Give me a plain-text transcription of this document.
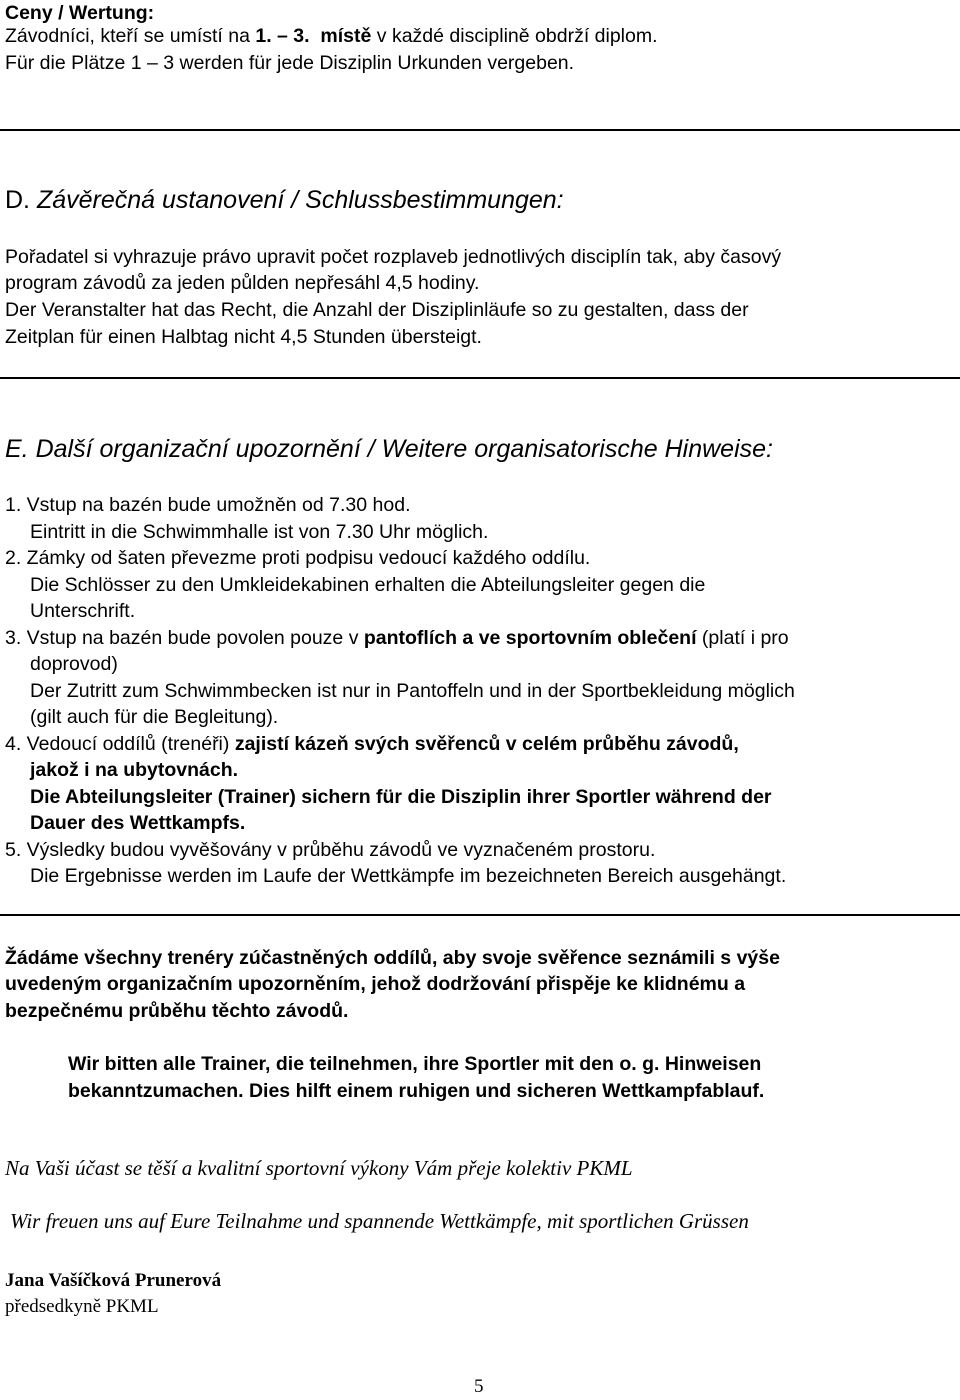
Ceny / Wertung:
Závodníci, kteří se umístí na 1. – 3. místě v každé disciplině obdrží diplom.
Für die Plätze 1 – 3 werden für jede Disziplin Urkunden vergeben.
D. Závěrečná ustanovení / Schlussbestimmungen:
Pořadatel si vyhrazuje právo upravit počet rozplaveb jednotlivých disciplín tak, aby časový
program závodů za jeden půlden nepřesáhl 4,5 hodiny.
Der Veranstalter hat das Recht, die Anzahl der Disziplinläufe so zu gestalten, dass der
Zeitplan für einen Halbtag nicht 4,5 Stunden übersteigt.
E. Další organizační upozornění / Weitere organisatorische Hinweise:
1. Vstup na bazén bude umožněn od 7.30 hod.
Eintritt in die Schwimmhalle ist von 7.30 Uhr möglich.
2. Zámky od šaten převezme proti podpisu vedoucí každého oddílu.
Die Schlösser zu den Umkleidekabinen erhalten die Abteilungsleiter gegen die
Unterschrift.
3. Vstup na bazén bude povolen pouze v pantoflích a ve sportovním oblečení (platí i pro
doprovod)
Der Zutritt zum Schwimmbecken ist nur in Pantoffeln und in der Sportbekleidung möglich
(gilt auch für die Begleitung).
4. Vedoucí oddílů (trenéři) zajistí kázeň svých svěřenců v celém průběhu závodů,
jakož i na ubytovnách.
Die Abteilungsleiter (Trainer) sichern für die Disziplin ihrer Sportler während der
Dauer des Wettkampfs.
5. Výsledky budou vyvěšovány v průběhu závodů ve vyznačeném prostoru.
Die Ergebnisse werden im Laufe der Wettkämpfe im bezeichneten Bereich ausgehängt.
Žádáme všechny trenéry zúčastněných oddílů, aby svoje svěřence seznámili s výše
uvedeným organizačním upozorněním, jehož dodržování přispěje ke klidnému a
bezpečnému průběhu těchto závodů.
Wir bitten alle Trainer, die teilnehmen, ihre Sportler mit den o. g. Hinweisen
bekanntzumachen. Dies hilft einem ruhigen und sicheren Wettkampfablauf.
Na Vaši účast se těší a kvalitní sportovní výkony Vám přeje kolektiv PKML
Wir freuen uns auf Eure Teilnahme und spannende Wettkämpfe, mit sportlichen Grüssen
Jana Vašíčková Prunerová
předsedkyně PKML
5
